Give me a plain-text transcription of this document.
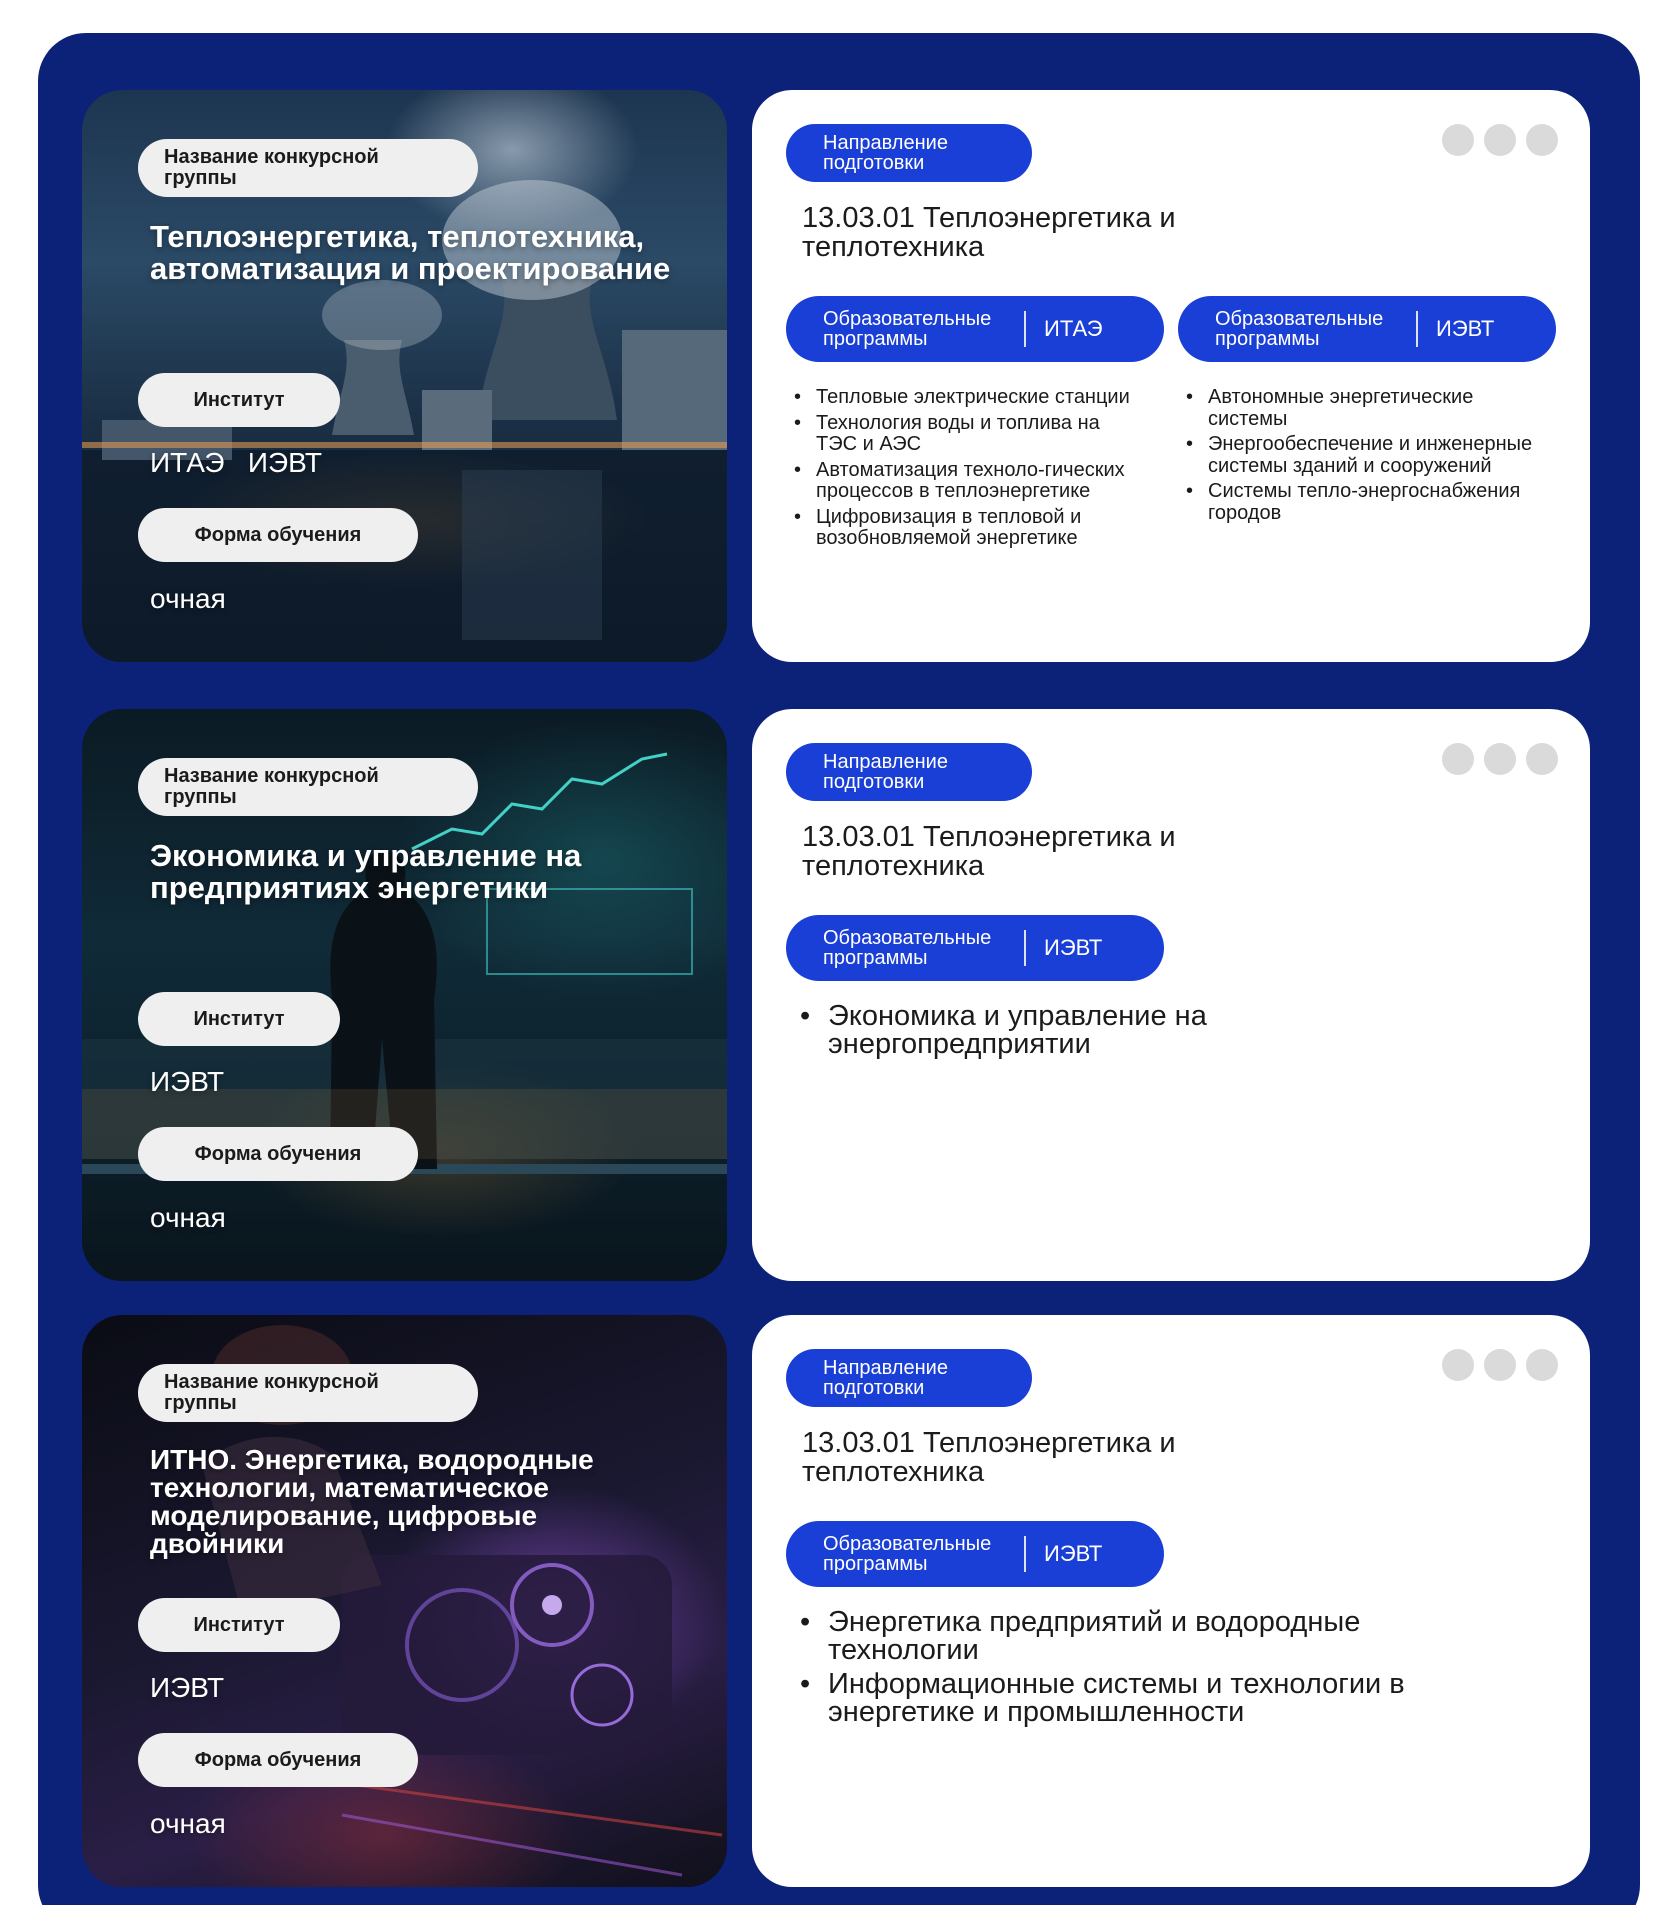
Название конкурсной группы
Теплоэнергетика, теплотехника, автоматизация и проектирование
Институт
ИТАЭ   ИЭВТ
Форма обучения
очная
Направление подготовки
13.03.01 Теплоэнергетика и теплотехника
Образовательные программы	ИТАЭ	Образовательные программы	ИЭВТ
• Тепловые электрические станции
• Технология воды и топлива на ТЭС и АЭС
• Автоматизация техноло-гических процессов в теплоэнергетике
• Цифровизация в тепловой и возобновляемой энергетике
• Автономные энергетические системы
• Энергообеспечение и инженерные системы зданий и сооружений
• Системы тепло-энергоснабжения городов
Название конкурсной группы
Экономика и управление на предприятиях энергетики
Институт
ИЭВТ
Форма обучения
очная
Направление подготовки
13.03.01 Теплоэнергетика и теплотехника
Образовательные программы	ИЭВТ
• Экономика и управление на энергопредприятии
Название конкурсной группы
ИТНО. Энергетика, водородные технологии, математическое моделирование, цифровые двойники
Институт
ИЭВТ
Форма обучения
очная
Направление подготовки
13.03.01 Теплоэнергетика и теплотехника
Образовательные программы	ИЭВТ
• Энергетика предприятий и водородные технологии
• Информационные системы и технологии в энергетике и промышленности
